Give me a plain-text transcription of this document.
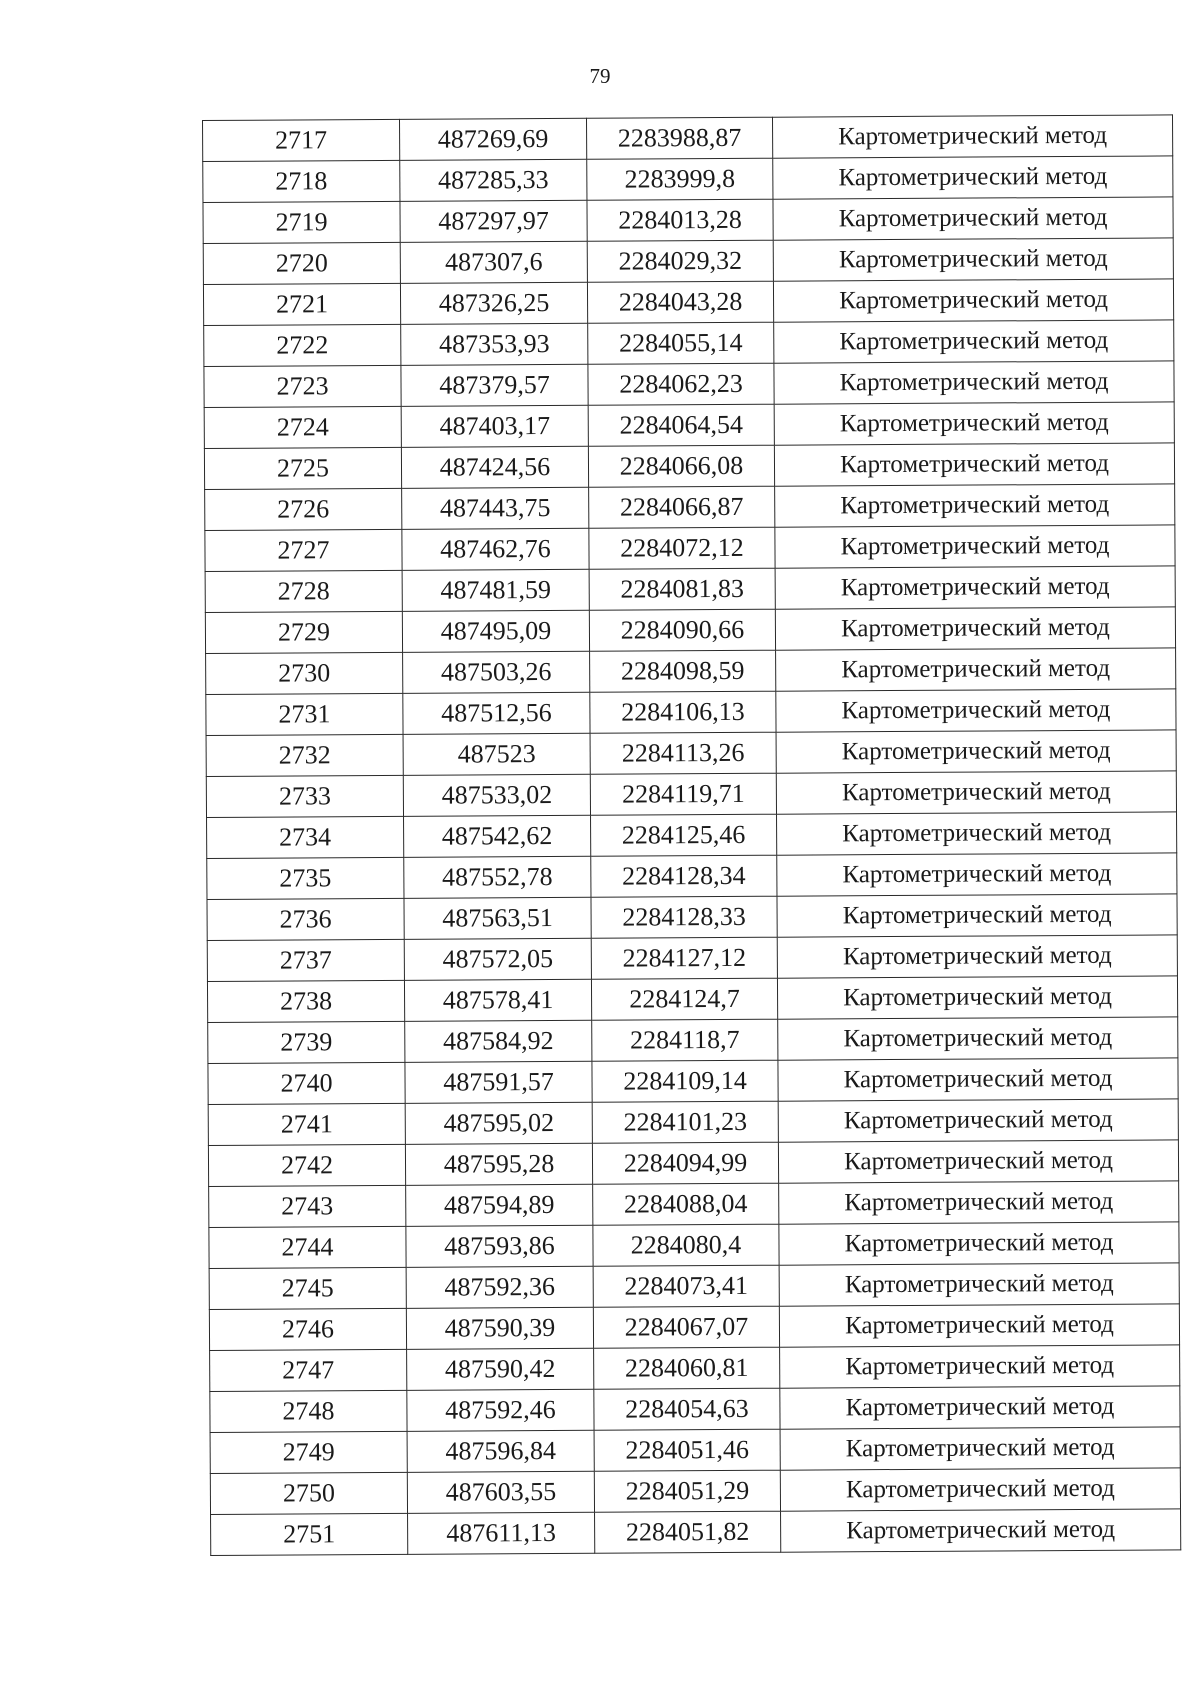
79
2717	487269,69	2283988,87	Картометрический метод
2718	487285,33	2283999,8	Картометрический метод
2719	487297,97	2284013,28	Картометрический метод
2720	487307,6	2284029,32	Картометрический метод
2721	487326,25	2284043,28	Картометрический метод
2722	487353,93	2284055,14	Картометрический метод
2723	487379,57	2284062,23	Картометрический метод
2724	487403,17	2284064,54	Картометрический метод
2725	487424,56	2284066,08	Картометрический метод
2726	487443,75	2284066,87	Картометрический метод
2727	487462,76	2284072,12	Картометрический метод
2728	487481,59	2284081,83	Картометрический метод
2729	487495,09	2284090,66	Картометрический метод
2730	487503,26	2284098,59	Картометрический метод
2731	487512,56	2284106,13	Картометрический метод
2732	487523	2284113,26	Картометрический метод
2733	487533,02	2284119,71	Картометрический метод
2734	487542,62	2284125,46	Картометрический метод
2735	487552,78	2284128,34	Картометрический метод
2736	487563,51	2284128,33	Картометрический метод
2737	487572,05	2284127,12	Картометрический метод
2738	487578,41	2284124,7	Картометрический метод
2739	487584,92	2284118,7	Картометрический метод
2740	487591,57	2284109,14	Картометрический метод
2741	487595,02	2284101,23	Картометрический метод
2742	487595,28	2284094,99	Картометрический метод
2743	487594,89	2284088,04	Картометрический метод
2744	487593,86	2284080,4	Картометрический метод
2745	487592,36	2284073,41	Картометрический метод
2746	487590,39	2284067,07	Картометрический метод
2747	487590,42	2284060,81	Картометрический метод
2748	487592,46	2284054,63	Картометрический метод
2749	487596,84	2284051,46	Картометрический метод
2750	487603,55	2284051,29	Картометрический метод
2751	487611,13	2284051,82	Картометрический метод
